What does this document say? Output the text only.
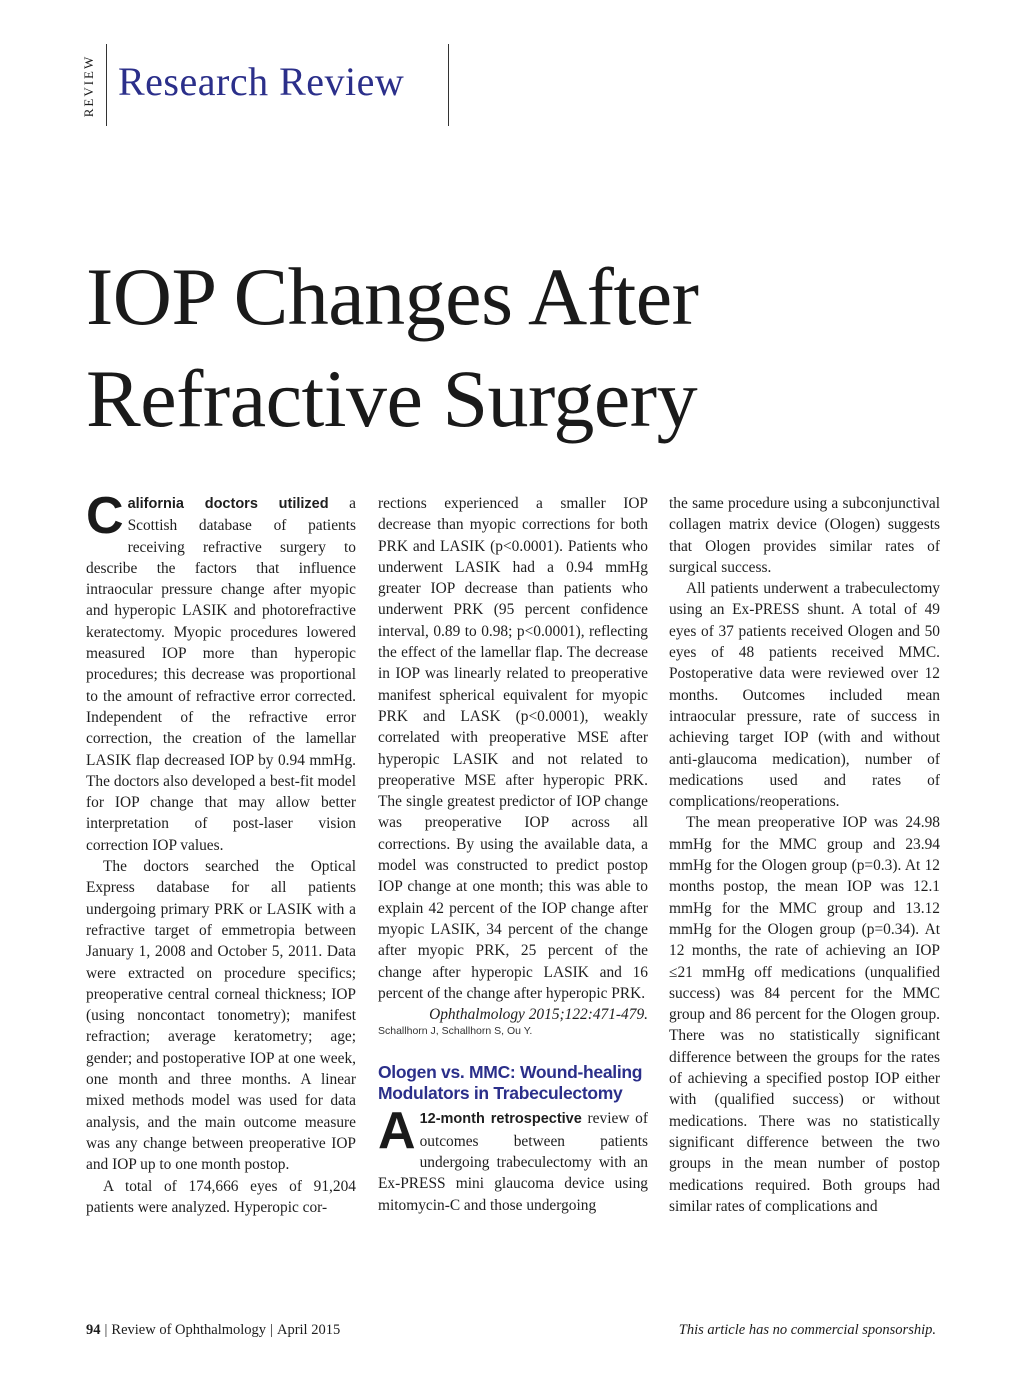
REVIEW Research Review
IOP Changes After
Refractive Surgery

California doctors utilized a Scottish database of patients receiving refractive surgery to describe the factors that influence intraocular pressure change after myopic and hyperopic LASIK and photorefractive keratectomy. Myopic procedures lowered measured IOP more than hyperopic procedures; this decrease was proportional to the amount of refractive error corrected. Independent of the refractive error correction, the creation of the lamellar LASIK flap decreased IOP by 0.94 mmHg. The doctors also developed a best-fit model for IOP change that may allow better interpretation of post-laser vision correction IOP values.

The doctors searched the Optical Express database for all patients undergoing primary PRK or LASIK with a refractive target of emmetropia between January 1, 2008 and October 5, 2011. Data were extracted on procedure specifics; preoperative central corneal thickness; IOP (using noncontact tonometry); manifest refraction; average keratometry; age; gender; and postoperative IOP at one week, one month and three months. A linear mixed methods model was used for data analysis, and the main outcome measure was any change between preoperative IOP and IOP up to one month postop.

A total of 174,666 eyes of 91,204 patients were analyzed. Hyperopic cor-

rections experienced a smaller IOP decrease than myopic corrections for both PRK and LASIK (p<0.0001). Patients who underwent LASIK had a 0.94 mmHg greater IOP decrease than patients who underwent PRK (95 percent confidence interval, 0.89 to 0.98; p<0.0001), reflecting the effect of the lamellar flap. The decrease in IOP was linearly related to preoperative manifest spherical equivalent for myopic PRK and LASK (p<0.0001), weakly correlated with preoperative MSE after hyperopic LASIK and not related to preoperative MSE after hyperopic PRK. The single greatest predictor of IOP change was preoperative IOP across all corrections. By using the available data, a model was constructed to predict postop IOP change at one month; this was able to explain 42 percent of the IOP change after myopic LASIK, 34 percent of the change after myopic PRK, 25 percent of the change after hyperopic LASIK and 16 percent of the change after hyperopic PRK.

Ophthalmology 2015;122:471-479.

Schallhorn J, Schallhorn S, Ou Y.
Ologen vs. MMC: Wound-healing Modulators in Trabeculectomy

A 12-month retrospective review of outcomes between patients undergoing trabeculectomy with an Ex-PRESS mini glaucoma device using mitomycin-C and those undergoing

the same procedure using a subconjunctival collagen matrix device (Ologen) suggests that Ologen provides similar rates of surgical success.

All patients underwent a trabeculectomy using an Ex-PRESS shunt. A total of 49 eyes of 37 patients received Ologen and 50 eyes of 48 patients received MMC. Postoperative data were reviewed over 12 months. Outcomes included mean intraocular pressure, rate of success in achieving target IOP (with and without anti-glaucoma medication), number of medications used and rates of complications/reoperations.

The mean preoperative IOP was 24.98 mmHg for the MMC group and 23.94 mmHg for the Ologen group (p=0.3). At 12 months postop, the mean IOP was 12.1 mmHg for the MMC group and 13.12 mmHg for the Ologen group (p=0.34). At 12 months, the rate of achieving an IOP ≤21 mmHg off medications (unqualified success) was 84 percent for the MMC group and 86 percent for the Ologen group. There was no statistically significant difference between the groups for the rates of achieving a specified postop IOP either with (qualified success) or without medications. There was no statistically significant difference between the two groups in the mean number of postop medications required. Both groups had similar rates of complications and

94 | Review of Ophthalmology | April 2015	This article has no commercial sponsorship.
